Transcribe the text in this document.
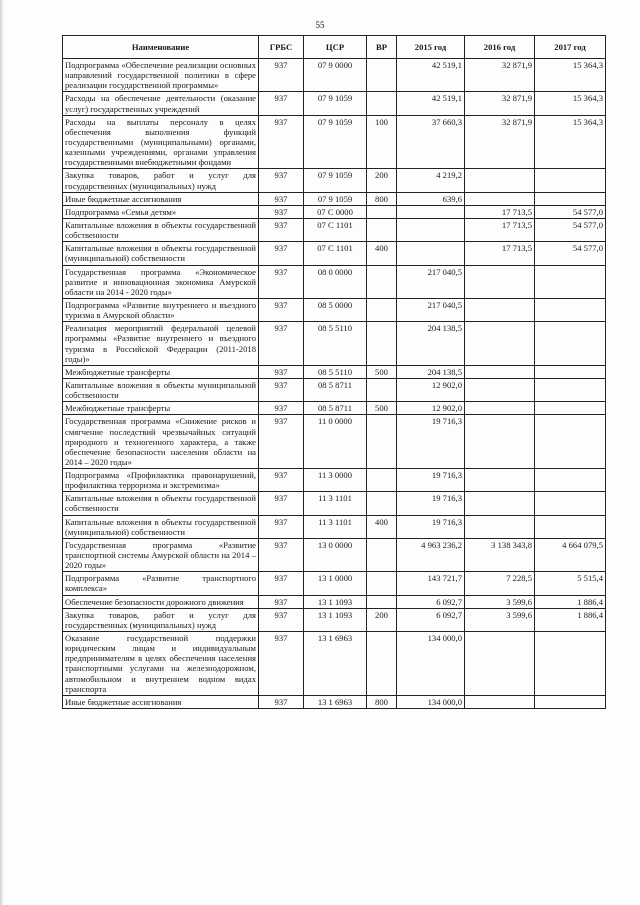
55
Наименование	ГРБС	ЦСР	ВР	2015 год	2016 год	2017 год
Подпрограмма «Обеспечение реализации основных направлений государственной политики в сфере реализации государственной программы»	937	07 9 0000		42 519,1	32 871,9	15 364,3
Расходы на обеспечение деятельности (оказание услуг) государственных учреждений	937	07 9 1059		42 519,1	32 871,9	15 364,3
Расходы на выплаты персоналу в целях обеспечения выполнения функций государственными (муниципальными) органами, казенными учреждениями, органами управления государственными внебюджетными фондами	937	07 9 1059	100	37 660,3	32 871,9	15 364,3
Закупка товаров, работ и услуг для государственных (муниципальных) нужд	937	07 9 1059	200	4 219,2		
Иные бюджетные ассигнования	937	07 9 1059	800	639,6		
Подпрограмма «Семья детям»	937	07 С 0000			17 713,5	54 577,0
Капитальные вложения в объекты государственной собственности	937	07 С 1101			17 713,5	54 577,0
Капитальные вложения в объекты государственной (муниципальной) собственности	937	07 С 1101	400		17 713,5	54 577,0
Государственная программа «Экономическое развитие и инновационная экономика Амурской области на 2014 - 2020 годы»	937	08 0 0000		217 040,5		
Подпрограмма «Развитие внутреннего и въездного туризма в Амурской области»	937	08 5 0000		217 040,5		
Реализация мероприятий федеральной целевой программы «Развитие внутреннего и въездного туризма в Российской Федерации (2011-2018 годы)»	937	08 5 5110		204 138,5		
Межбюджетные трансферты	937	08 5 5110	500	204 138,5		
Капитальные вложения в объекты муниципальной собственности	937	08 5 8711		12 902,0		
Межбюджетные трансферты	937	08 5 8711	500	12 902,0		
Государственная программа «Снижение рисков и смягчение последствий чрезвычайных ситуаций природного и техногенного характера, а также обеспечение безопасности населения области на 2014 – 2020 годы»	937	11 0 0000		19 716,3		
Подпрограмма «Профилактика правонарушений, профилактика терроризма и экстремизма»	937	11 3 0000		19 716,3		
Капитальные вложения в объекты государственной собственности	937	11 3 1101		19 716,3		
Капитальные вложения в объекты государственной (муниципальной) собственности	937	11 3 1101	400	19 716,3		
Государственная программа «Развитие транспортной системы Амурской области на 2014 – 2020 годы»	937	13 0 0000		4 963 236,2	3 138 343,8	4 664 079,5
Подпрограмма «Развитие транспортного комплекса»	937	13 1 0000		143 721,7	7 228,5	5 515,4
Обеспечение безопасности дорожного движения	937	13 1 1093		6 092,7	3 599,6	1 886,4
Закупка товаров, работ и услуг для государственных (муниципальных) нужд	937	13 1 1093	200	6 092,7	3 599,6	1 886,4
Оказание государственной поддержки юридическим лицам и индивидуальным предпринимателям в целях обеспечения населения транспортными услугами на железнодорожном, автомобильном и внутреннем водном видах транспорта	937	13 1 6963		134 000,0		
Иные бюджетные ассигнования	937	13 1 6963	800	134 000,0		
